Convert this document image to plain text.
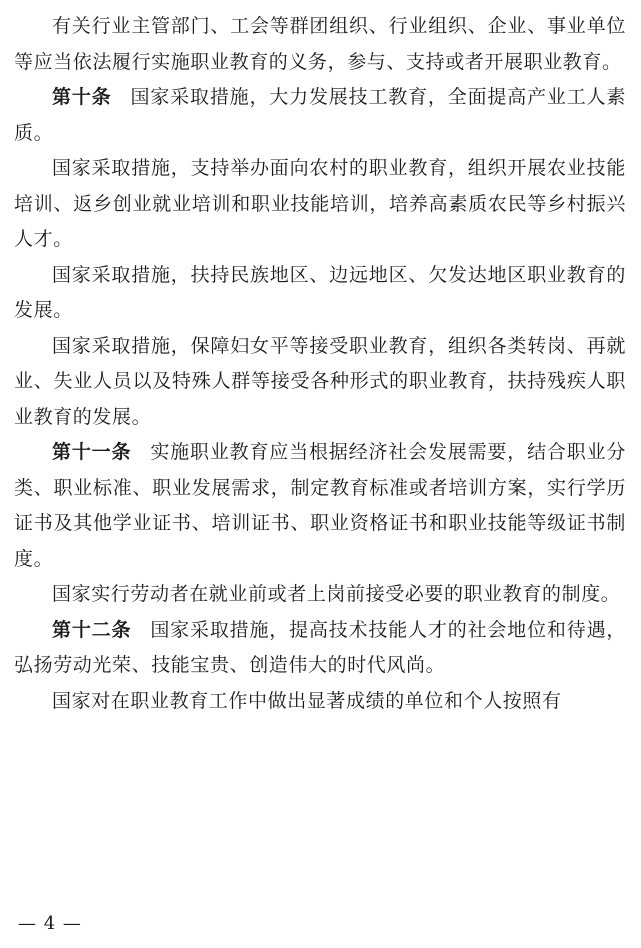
有关行业主管部门、工会等群团组织、行业组织、企业、事业单位等应当依法履行实施职业教育的义务，参与、支持或者开展职业教育。

第十条 国家采取措施，大力发展技工教育，全面提高产业工人素质。

国家采取措施，支持举办面向农村的职业教育，组织开展农业技能培训、返乡创业就业培训和职业技能培训，培养高素质农民等乡村振兴人才。

国家采取措施，扶持民族地区、边远地区、欠发达地区职业教育的发展。

国家采取措施，保障妇女平等接受职业教育，组织各类转岗、再就业、失业人员以及特殊人群等接受各种形式的职业教育，扶持残疾人职业教育的发展。

第十一条 实施职业教育应当根据经济社会发展需要，结合职业分类、职业标准、职业发展需求，制定教育标准或者培训方案，实行学历证书及其他学业证书、培训证书、职业资格证书和职业技能等级证书制度。

国家实行劳动者在就业前或者上岗前接受必要的职业教育的制度。

第十二条 国家采取措施，提高技术技能人才的社会地位和待遇，弘扬劳动光荣、技能宝贵、创造伟大的时代风尚。

国家对在职业教育工作中做出显著成绩的单位和个人按照有

— 4 —
